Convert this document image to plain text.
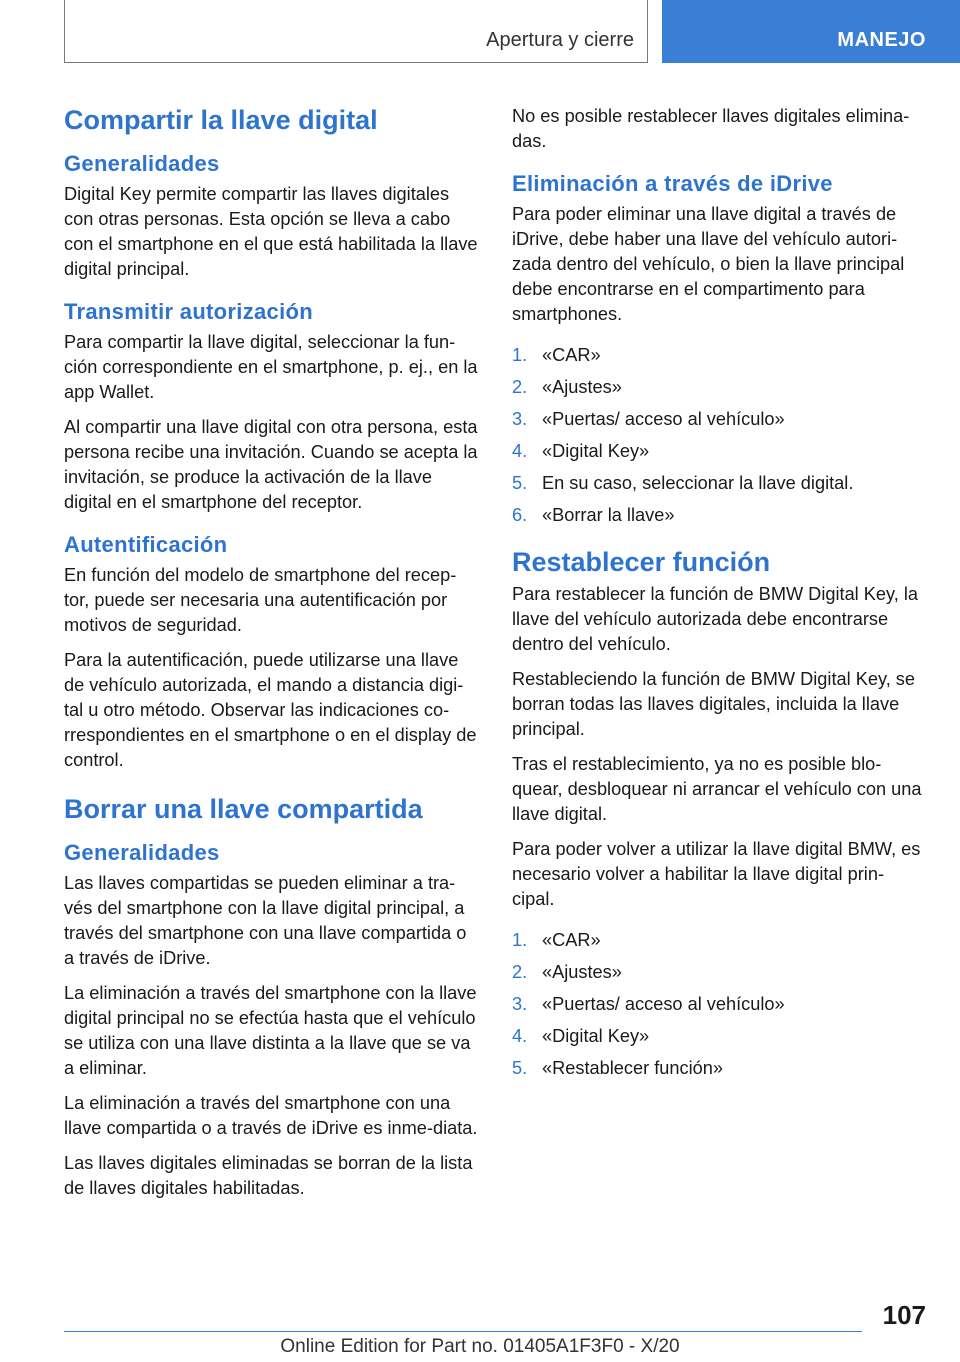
Apertura y cierre	MANEJO
Compartir la llave digital
Generalidades

Digital Key permite compartir las llaves digitales con otras personas. Esta opción se lleva a cabo con el smartphone en el que está habilitada la llave digital principal.

Transmitir autorización

Para compartir la llave digital, seleccionar la fun-ción correspondiente en el smartphone, p. ej., en la app Wallet.

Al compartir una llave digital con otra persona, esta persona recibe una invitación. Cuando se acepta la invitación, se produce la activación de la llave digital en el smartphone del receptor.

Autentificación

En función del modelo de smartphone del recep-tor, puede ser necesaria una autentificación por motivos de seguridad.

Para la autentificación, puede utilizarse una llave de vehículo autorizada, el mando a distancia digi-tal u otro método. Observar las indicaciones co-rrespondientes en el smartphone o en el display de control.

Borrar una llave compartida
Generalidades

Las llaves compartidas se pueden eliminar a tra-vés del smartphone con la llave digital principal, a través del smartphone con una llave compartida o a través de iDrive.

La eliminación a través del smartphone con la llave digital principal no se efectúa hasta que el vehículo se utiliza con una llave distinta a la llave que se va a eliminar.

La eliminación a través del smartphone con una llave compartida o a través de iDrive es inme-diata.

Las llaves digitales eliminadas se borran de la lista de llaves digitales habilitadas.

No es posible restablecer llaves digitales elimina-das.

Eliminación a través de iDrive

Para poder eliminar una llave digital a través de iDrive, debe haber una llave del vehículo autori-zada dentro del vehículo, o bien la llave principal debe encontrarse en el compartimento para smartphones.

1. «CAR»
2. «Ajustes»
3. «Puertas/ acceso al vehículo»
4. «Digital Key»
5. En su caso, seleccionar la llave digital.
6. «Borrar la llave»
Restablecer función

Para restablecer la función de BMW Digital Key, la llave del vehículo autorizada debe encontrarse dentro del vehículo.

Restableciendo la función de BMW Digital Key, se borran todas las llaves digitales, incluida la llave principal.

Tras el restablecimiento, ya no es posible blo-quear, desbloquear ni arrancar el vehículo con una llave digital.

Para poder volver a utilizar la llave digital BMW, es necesario volver a habilitar la llave digital prin-cipal.

1. «CAR»
2. «Ajustes»
3. «Puertas/ acceso al vehículo»
4. «Digital Key»
5. «Restablecer función»
107
Online Edition for Part no. 01405A1F3F0 - X/20
